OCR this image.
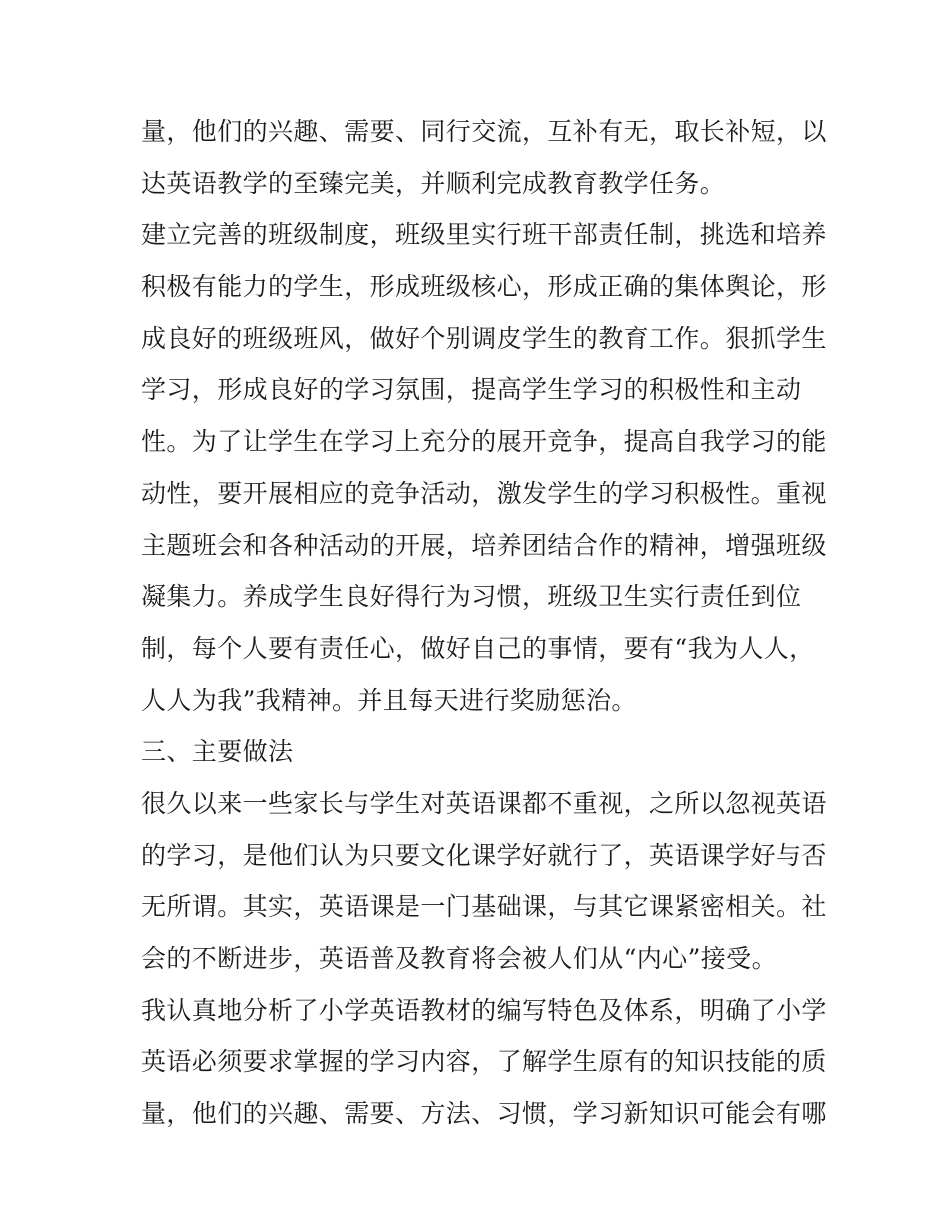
量，他们的兴趣、需要、同行交流，互补有无，取长补短，以
达英语教学的至臻完美，并顺利完成教育教学任务。
建立完善的班级制度，班级里实行班干部责任制，挑选和培养
积极有能力的学生，形成班级核心，形成正确的集体舆论，形
成良好的班级班风，做好个别调皮学生的教育工作。狠抓学生
学习，形成良好的学习氛围，提高学生学习的积极性和主动
性。为了让学生在学习上充分的展开竞争，提高自我学习的能
动性，要开展相应的竞争活动，激发学生的学习积极性。重视
主题班会和各种活动的开展，培养团结合作的精神，增强班级
凝集力。养成学生良好得行为习惯，班级卫生实行责任到位
制，每个人要有责任心，做好自己的事情，要有“我为人人，
人人为我”我精神。并且每天进行奖励惩治。
三、主要做法
很久以来一些家长与学生对英语课都不重视，之所以忽视英语
的学习，是他们认为只要文化课学好就行了，英语课学好与否
无所谓。其实，英语课是一门基础课，与其它课紧密相关。社
会的不断进步，英语普及教育将会被人们从“内心”接受。
我认真地分析了小学英语教材的编写特色及体系，明确了小学
英语必须要求掌握的学习内容，了解学生原有的知识技能的质
量，他们的兴趣、需要、方法、习惯，学习新知识可能会有哪
